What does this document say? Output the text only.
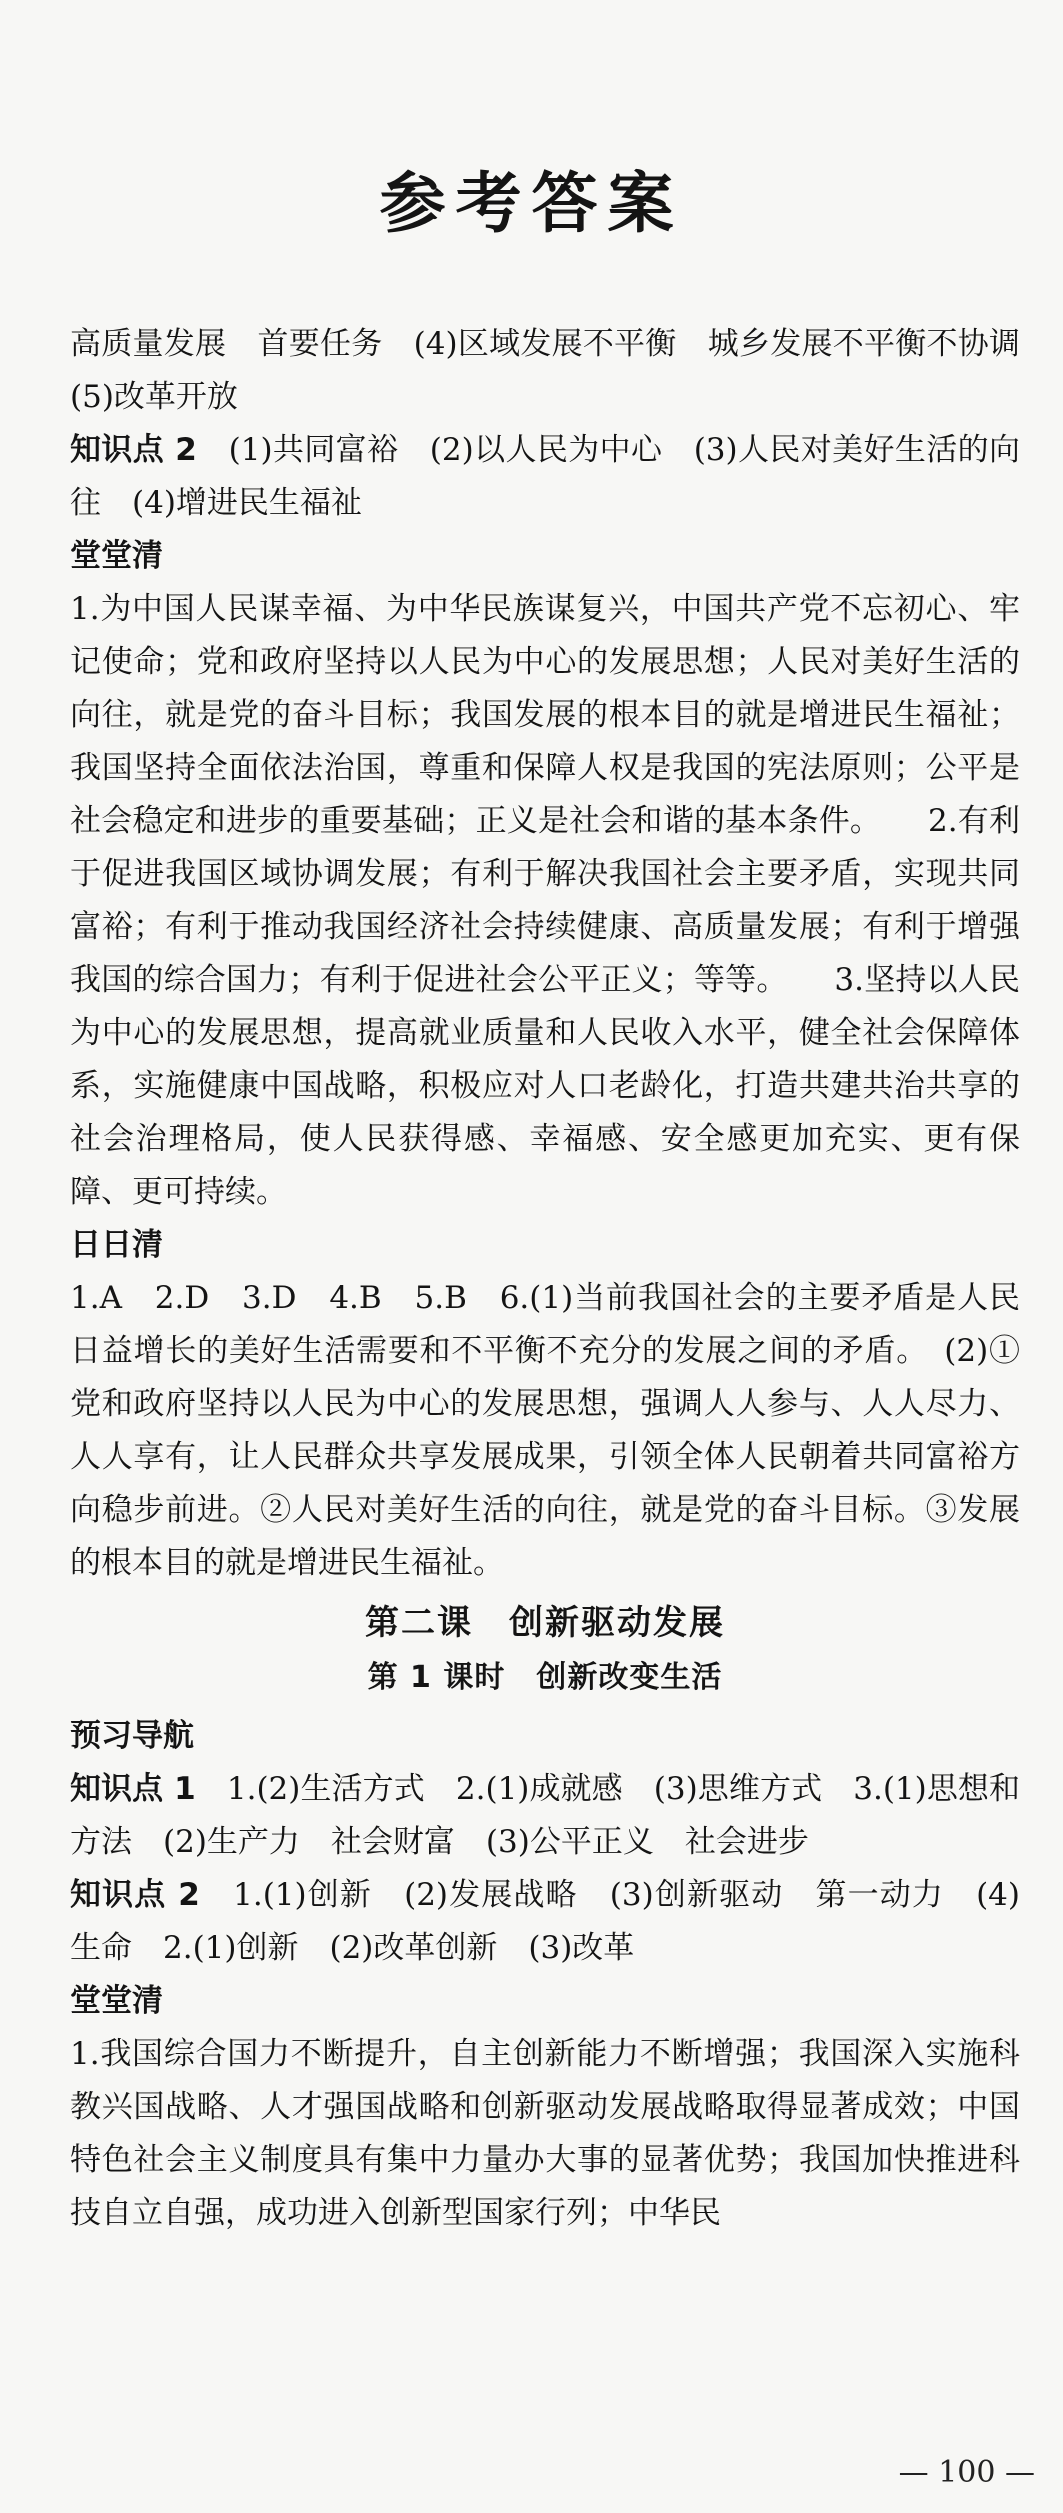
参考答案

高质量发展　首要任务　(4)区域发展不平衡　城乡发展不平衡不协调　(5)改革开放

知识点 2　(1)共同富裕　(2)以人民为中心　(3)人民对美好生活的向往　(4)增进民生福祉

堂堂清

1.为中国人民谋幸福、为中华民族谋复兴，中国共产党不忘初心、牢记使命；党和政府坚持以人民为中心的发展思想；人民对美好生活的向往，就是党的奋斗目标；我国发展的根本目的就是增进民生福祉；我国坚持全面依法治国，尊重和保障人权是我国的宪法原则；公平是社会稳定和进步的重要基础；正义是社会和谐的基本条件。　　2.有利于促进我国区域协调发展；有利于解决我国社会主要矛盾，实现共同富裕；有利于推动我国经济社会持续健康、高质量发展；有利于增强我国的综合国力；有利于促进社会公平正义；等等。　　3.坚持以人民为中心的发展思想，提高就业质量和人民收入水平，健全社会保障体系，实施健康中国战略，积极应对人口老龄化，打造共建共治共享的社会治理格局，使人民获得感、幸福感、安全感更加充实、更有保障、更可持续。

日日清

1.A　2.D　3.D　4.B　5.B　6.(1)当前我国社会的主要矛盾是人民日益增长的美好生活需要和不平衡不充分的发展之间的矛盾。　(2)①党和政府坚持以人民为中心的发展思想，强调人人参与、人人尽力、人人享有，让人民群众共享发展成果，引领全体人民朝着共同富裕方向稳步前进。②人民对美好生活的向往，就是党的奋斗目标。③发展的根本目的就是增进民生福祉。

第二课　创新驱动发展

第 1 课时　创新改变生活

预习导航

知识点 1　1.(2)生活方式　2.(1)成就感　(3)思维方式　3.(1)思想和方法　(2)生产力　社会财富　(3)公平正义　社会进步

知识点 2　1.(1)创新　(2)发展战略　(3)创新驱动　第一动力　(4)生命　2.(1)创新　(2)改革创新　(3)改革

堂堂清

1.我国综合国力不断提升，自主创新能力不断增强；我国深入实施科教兴国战略、人才强国战略和创新驱动发展战略取得显著成效；中国特色社会主义制度具有集中力量办大事的显著优势；我国加快推进科技自立自强，成功进入创新型国家行列；中华民

— 100 —
